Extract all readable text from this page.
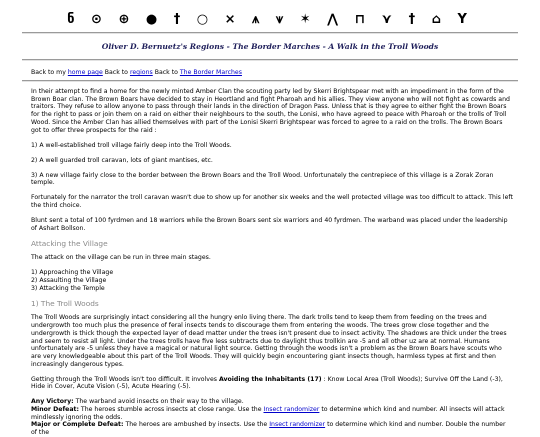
ნ ⊙ ⊕ ● † ○ ⨯ ⩚ ⩛ ✶ ⋀ ⊓ ⋎ † ⌂ Y
Oliver D. Bernuetz's Regions - The Border Marches - A Walk in the Troll Woods
Back to my home page Back to regions Back to The Border Marches

In their attempt to find a home for the newly minted Amber Clan the scouting party led by Skerri Brightspear met with an impediment in the form of the Brown Boar clan. The Brown Boars have decided to stay in Heortland and fight Pharoah and his allies. They view anyone who will not fight as cowards and traitors. They refuse to allow anyone to pass through their lands in the direction of Dragon Pass. Unless that is they agree to either fight the Brown Boars for the right to pass or join them on a raid on either their neighbours to the south, the Lonisi, who have agreed to peace with Pharoah or the trolls of Troll Wood. Since the Amber Clan has allied themselves with part of the Lonisi Skerri Brightspear was forced to agree to a raid on the trolls. The Brown Boars got to offer three prospects for the raid :

1) A well-established troll village fairly deep into the Troll Woods.

2) A well guarded troll caravan, lots of giant mantises, etc.

3) A new village fairly close to the border between the Brown Boars and the Troll Wood. Unfortunately the centrepiece of this village is a Zorak Zoran temple.

Fortunately for the narrator the troll caravan wasn't due to show up for another six weeks and the well protected village was too difficult to attack. This left the third choice.

Blunt sent a total of 100 fyrdmen and 18 warriors while the Brown Boars sent six warriors and 40 fyrdmen. The warband was placed under the leadership of Ashart Bollson.

Attacking the Village

The attack on the village can be run in three main stages.

1) Approaching the Village
2) Assaulting the Village
3) Attacking the Temple
1) The Troll Woods

The Troll Woods are surprisingly intact considering all the hungry enlo living there. The dark trolls tend to keep them from feeding on the trees and undergrowth too much plus the presence of feral insects tends to discourage them from entering the woods. The trees grow close together and the undergrowth is thick though the expected layer of dead matter under the trees isn't present due to insect activity. The shadows are thick under the trees and seem to resist all light. Under the trees trolls have five less subtracts due to daylight thus trollkin are -5 and all other uz are at normal. Humans unfortunately are -5 unless they have a magical or natural light source. Getting through the woods isn't a problem as the Brown Boars have scouts who are very knowledgeable about this part of the Troll Woods. They will quickly begin encountering giant insects though, harmless types at first and then increasingly dangerous types.

Getting through the Troll Woods isn't too difficult. It involves Avoiding the Inhabitants (17) : Know Local Area (Troll Woods); Survive Off the Land (-3), Hide in Cover, Acute Vision (-5), Acute Hearing (-5).

Any Victory: The warband avoid insects on their way to the village.
Minor Defeat: The heroes stumble across insects at close range. Use the Insect randomizer to determine which kind and number. All insects will attack mindlessly ignoring the odds.
Major or Complete Defeat: The heroes are ambushed by insects. Use the Insect randomizer to determine which kind and number. Double the number of the
